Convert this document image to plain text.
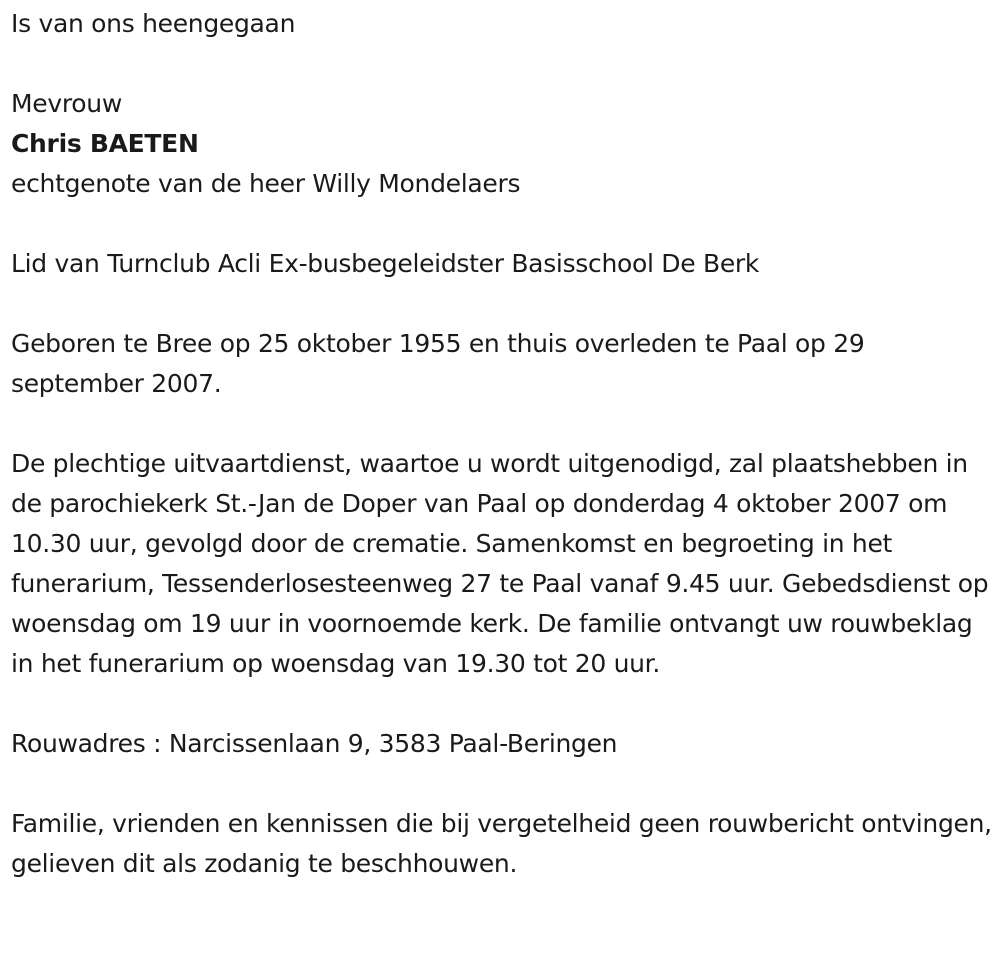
Is van ons heengegaan
Mevrouw
Chris BAETEN
echtgenote van de heer Willy Mondelaers
Lid van Turnclub Acli Ex-busbegeleidster Basisschool De Berk
Geboren te Bree op 25 oktober 1955 en thuis overleden te Paal op 29 september 2007.
De plechtige uitvaartdienst, waartoe u wordt uitgenodigd, zal plaatshebben in de parochiekerk St.-Jan de Doper van Paal op donderdag 4 oktober 2007 om 10.30 uur, gevolgd door de crematie. Samenkomst en begroeting in het funerarium, Tessenderlosesteenweg 27 te Paal vanaf 9.45 uur. Gebedsdienst op woensdag om 19 uur in voornoemde kerk. De familie ontvangt uw rouwbeklag in het funerarium op woensdag van 19.30 tot 20 uur.
Rouwadres : Narcissenlaan 9, 3583 Paal-Beringen
Familie, vrienden en kennissen die bij vergetelheid geen rouwbericht ontvingen, gelieven dit als zodanig te beschhouwen.
